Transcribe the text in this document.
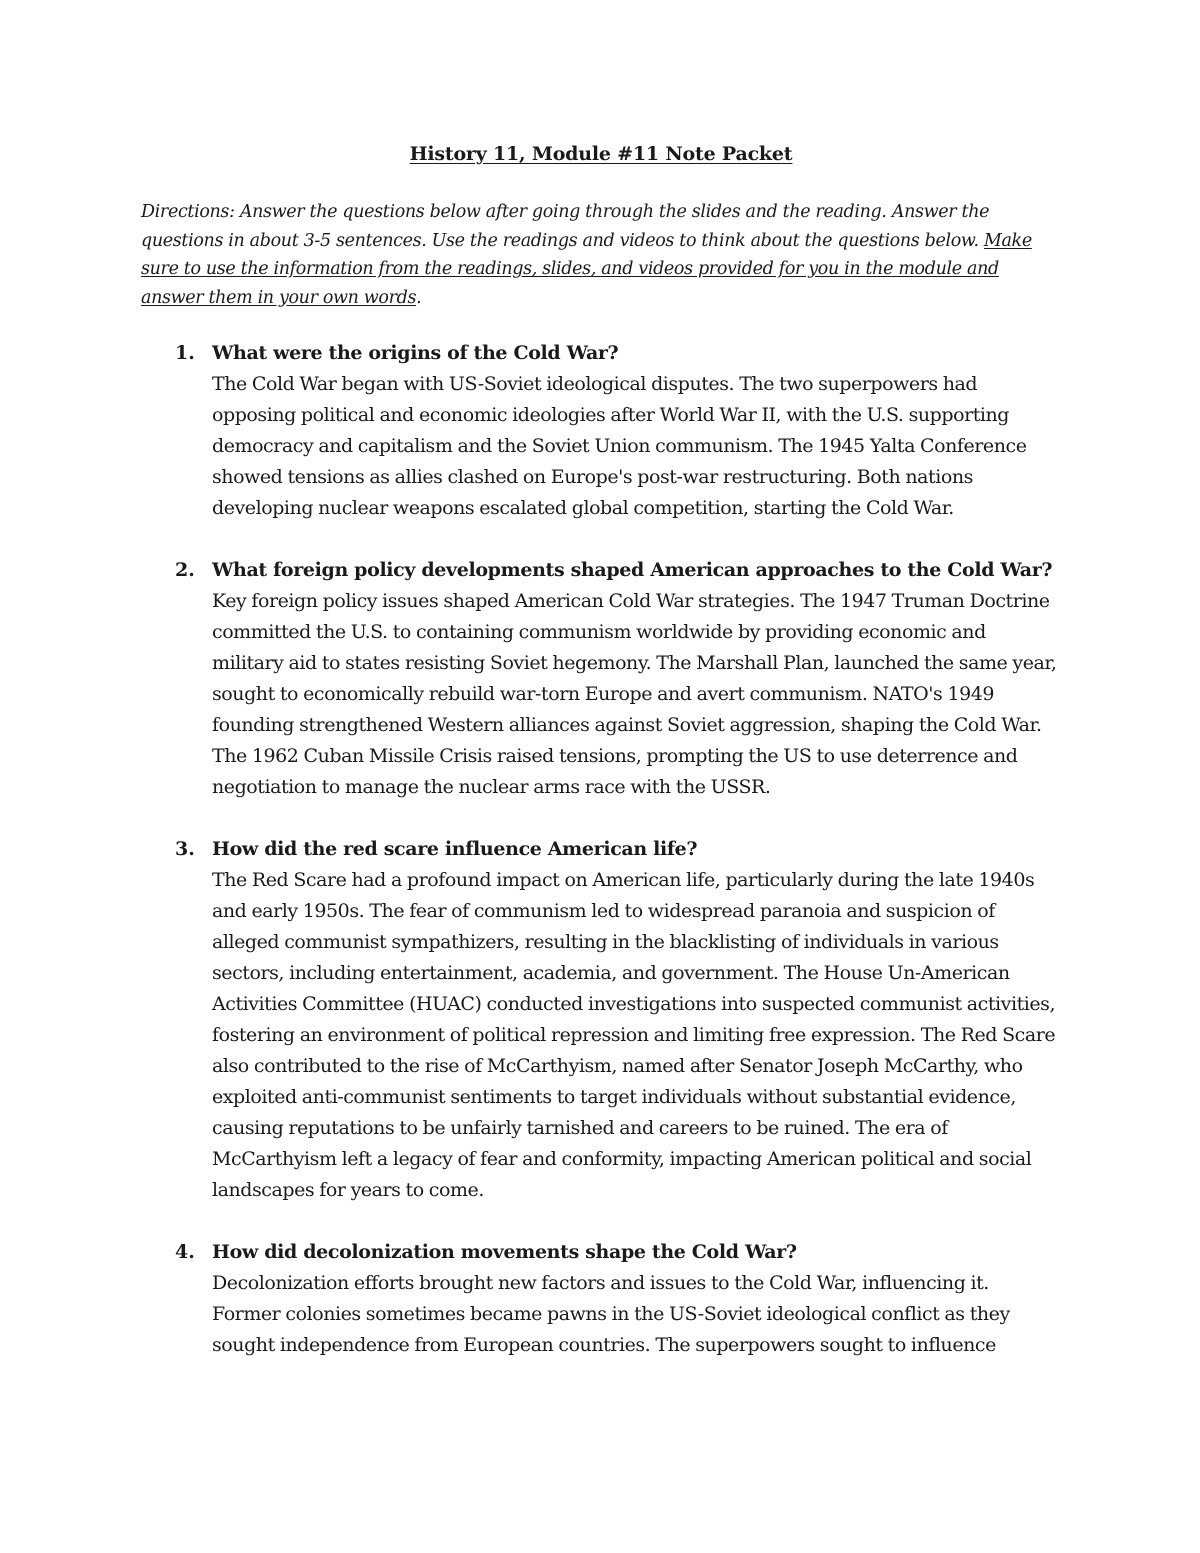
History 11, Module #11 Note Packet

Directions: Answer the questions below after going through the slides and the reading. Answer the questions in about 3-5 sentences. Use the readings and videos to think about the questions below. Make sure to use the information from the readings, slides, and videos provided for you in the module and answer them in your own words.

1. What were the origins of the Cold War?

The Cold War began with US-Soviet ideological disputes. The two superpowers had opposing political and economic ideologies after World War II, with the U.S. supporting democracy and capitalism and the Soviet Union communism. The 1945 Yalta Conference showed tensions as allies clashed on Europe's post-war restructuring. Both nations developing nuclear weapons escalated global competition, starting the Cold War.

2. What foreign policy developments shaped American approaches to the Cold War?

Key foreign policy issues shaped American Cold War strategies. The 1947 Truman Doctrine committed the U.S. to containing communism worldwide by providing economic and military aid to states resisting Soviet hegemony. The Marshall Plan, launched the same year, sought to economically rebuild war-torn Europe and avert communism. NATO's 1949 founding strengthened Western alliances against Soviet aggression, shaping the Cold War. The 1962 Cuban Missile Crisis raised tensions, prompting the US to use deterrence and negotiation to manage the nuclear arms race with the USSR.

3. How did the red scare influence American life?

The Red Scare had a profound impact on American life, particularly during the late 1940s and early 1950s. The fear of communism led to widespread paranoia and suspicion of alleged communist sympathizers, resulting in the blacklisting of individuals in various sectors, including entertainment, academia, and government. The House Un-American Activities Committee (HUAC) conducted investigations into suspected communist activities, fostering an environment of political repression and limiting free expression. The Red Scare also contributed to the rise of McCarthyism, named after Senator Joseph McCarthy, who exploited anti-communist sentiments to target individuals without substantial evidence, causing reputations to be unfairly tarnished and careers to be ruined. The era of McCarthyism left a legacy of fear and conformity, impacting American political and social landscapes for years to come.

4. How did decolonization movements shape the Cold War?

Decolonization efforts brought new factors and issues to the Cold War, influencing it. Former colonies sometimes became pawns in the US-Soviet ideological conflict as they sought independence from European countries. The superpowers sought to influence
